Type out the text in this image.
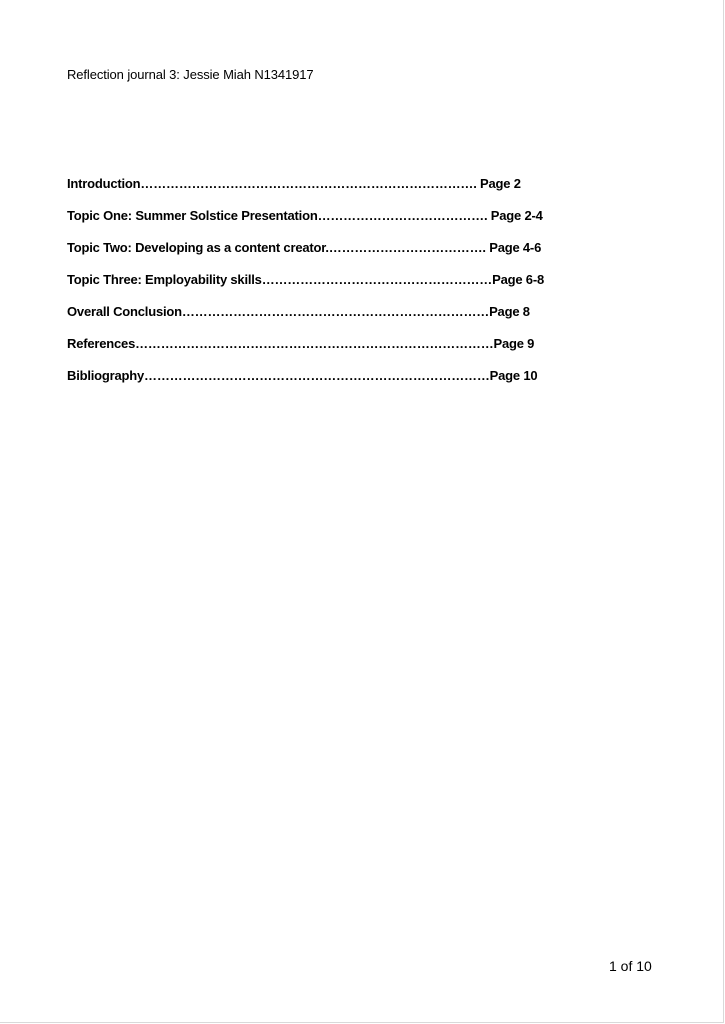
Reflection journal 3: Jessie Miah N1341917
Introduction……………………………………………………………………. Page 2
Topic One: Summer Solstice Presentation…………………………………. Page 2-4
Topic Two: Developing as a content creator.………………………………. Page 4-6
Topic Three: Employability skills………………………………………………Page 6-8
Overall Conclusion………………………………………………………………Page 8
References…………………………………………………………………………Page 9
Bibliography………………………………………………………………………Page 10
1 of 10
